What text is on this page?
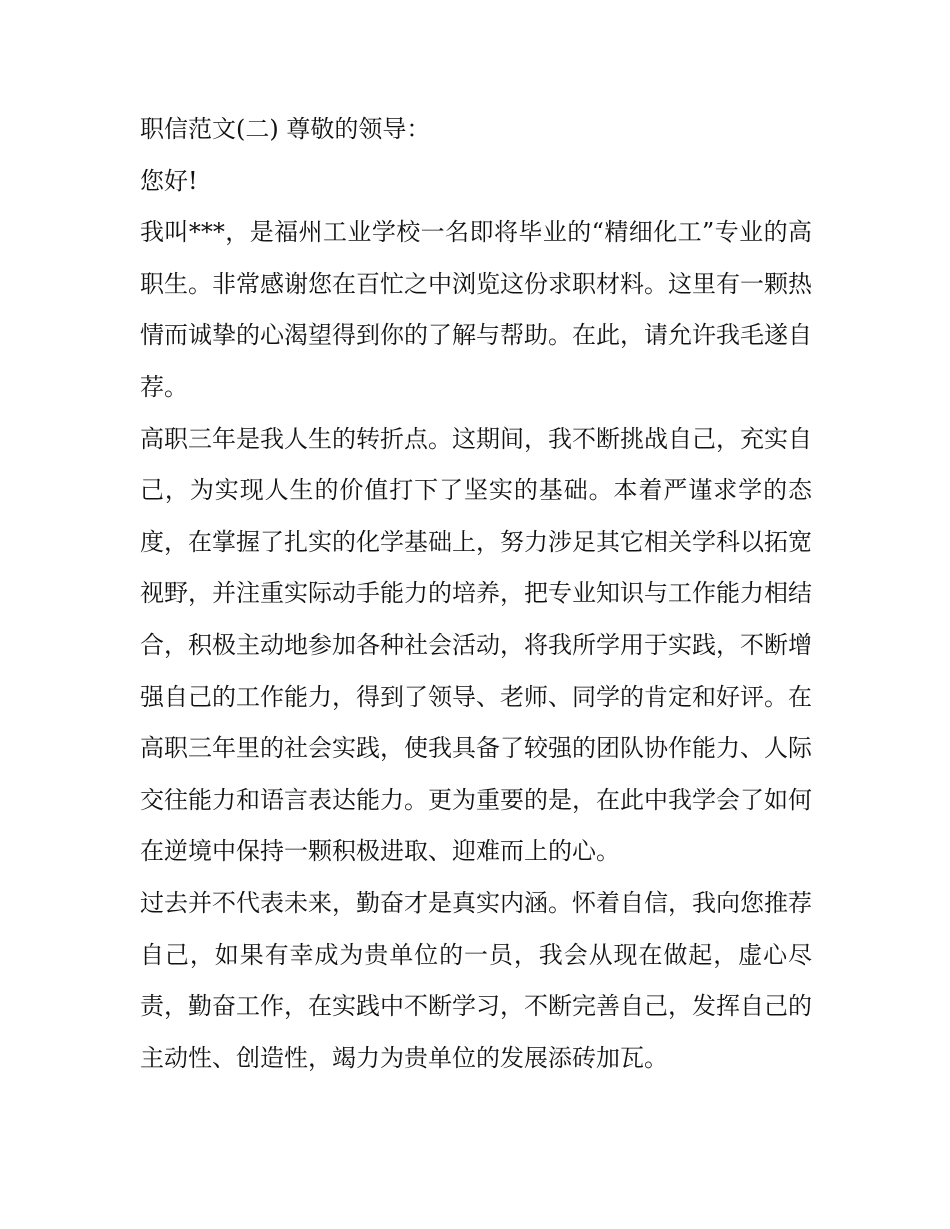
职信范文(二) 尊敬的领导：

您好!

我叫***，是福州工业学校一名即将毕业的“精细化工”专业的高职生。非常感谢您在百忙之中浏览这份求职材料。这里有一颗热情而诚挚的心渴望得到你的了解与帮助。在此，请允许我毛遂自荐。

高职三年是我人生的转折点。这期间，我不断挑战自己，充实自己，为实现人生的价值打下了坚实的基础。本着严谨求学的态度，在掌握了扎实的化学基础上，努力涉足其它相关学科以拓宽视野，并注重实际动手能力的培养，把专业知识与工作能力相结合，积极主动地参加各种社会活动，将我所学用于实践，不断增强自己的工作能力，得到了领导、老师、同学的肯定和好评。在高职三年里的社会实践，使我具备了较强的团队协作能力、人际交往能力和语言表达能力。更为重要的是，在此中我学会了如何在逆境中保持一颗积极进取、迎难而上的心。

过去并不代表未来，勤奋才是真实内涵。怀着自信，我向您推荐自己，如果有幸成为贵单位的一员，我会从现在做起，虚心尽责，勤奋工作，在实践中不断学习，不断完善自己，发挥自己的主动性、创造性，竭力为贵单位的发展添砖加瓦。
